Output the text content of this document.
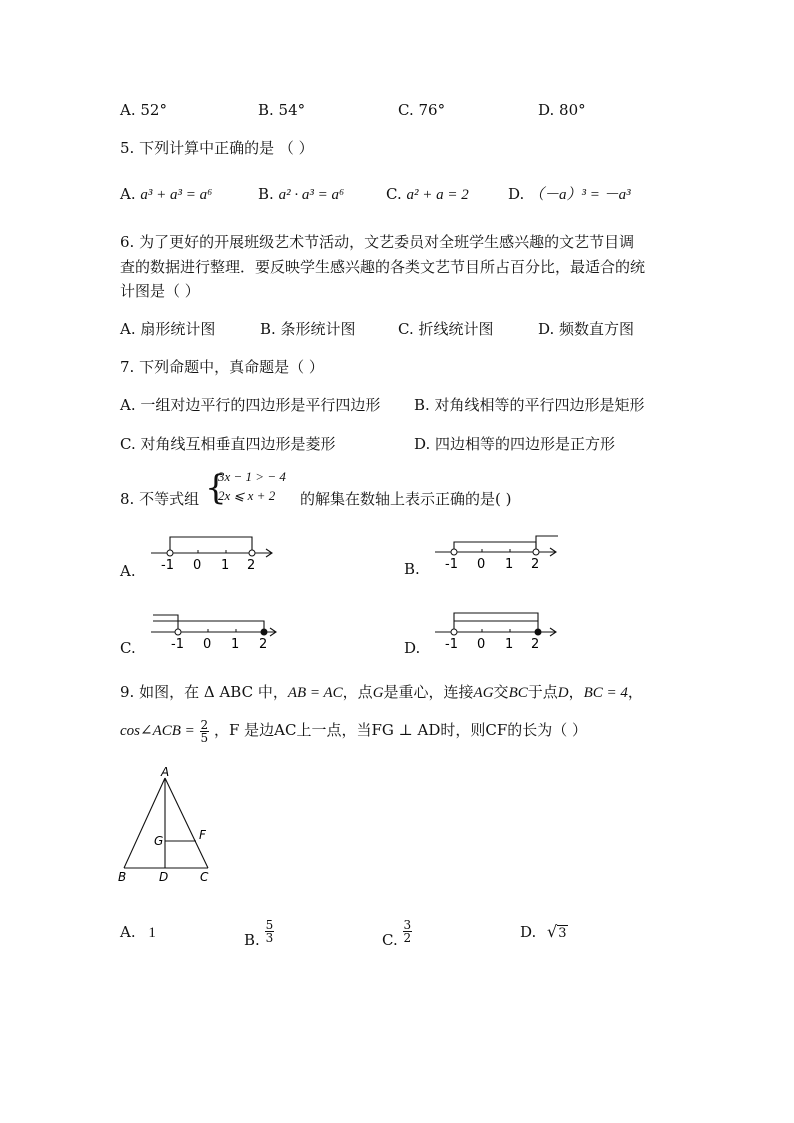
A. 52°	B. 54°	C. 76°	D. 80°
5. 下列计算中正确的是 （ ）
A. a³ + a³ = a⁶	B. a² · a³ = a⁶	C. a² + a = 2	D. （－a）³ = －a³
6. 为了更好的开展班级艺术节活动，文艺委员对全班学生感兴趣的文艺节目调
查的数据进行整理．要反映学生感兴趣的各类文艺节目所占百分比，最适合的统
计图是（ ）
A. 扇形统计图	B. 条形统计图	C. 折线统计图	D. 频数直方图
7. 下列命题中，真命题是（ ）
A. 一组对边平行的四边形是平行四边形 B. 对角线相等的平行四边形是矩形
C. 对角线互相垂直四边形是菱形	D. 四边相等的四边形是正方形
8. 不等式组 {
3x − 1 > − 4
2x ⩽ x + 2 的解集在数轴上表示正确的是( )
A.	B.
C.	D.
-1 0 1 2	-1 0 1 2
-1 0 1 2	-1 0 1 2
9. 如图，在 Δ ABC 中，AB = AC，点G是重心，连接AG交BC于点D，BC = 4，
cos∠ACB = $\frac{2}{5}$ ，F 是边AC上一点，当FG ⊥ AD时，则CF的长为（ ）
A
B	C
D
G	F
A. 1	B. $\frac{5}{3}$	C. $\frac{3}{2}$	D. √3
